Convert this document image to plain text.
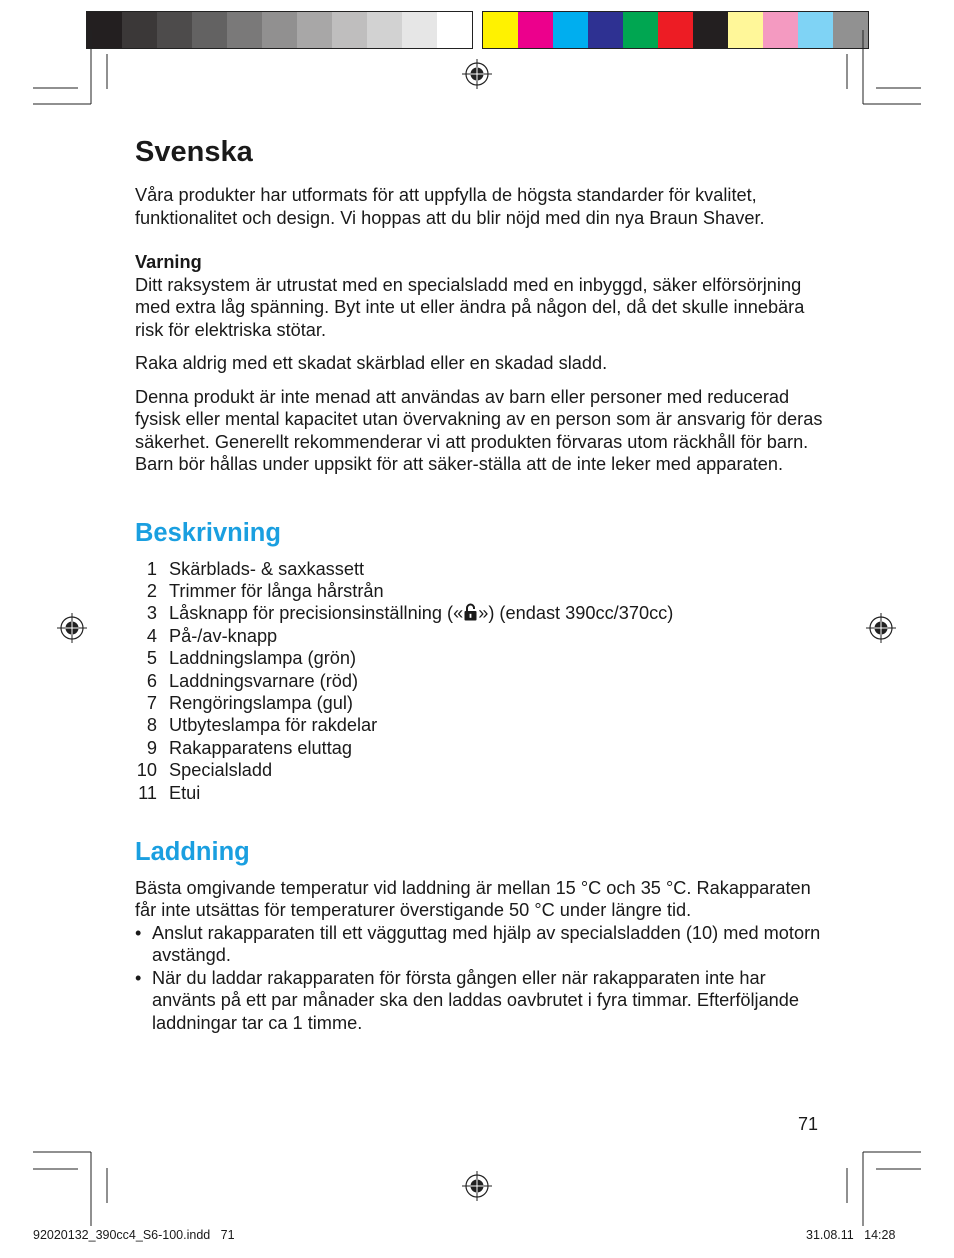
Svenska

Våra produkter har utformats för att uppfylla de högsta standarder för kvalitet, funktionalitet och design. Vi hoppas att du blir nöjd med din nya Braun Shaver.

Varning

Ditt raksystem är utrustat med en specialsladd med en inbyggd, säker elförsörjning med extra låg spänning. Byt inte ut eller ändra på någon del, då det skulle innebära risk för elektriska stötar.

Raka aldrig med ett skadat skärblad eller en skadad sladd.

Denna produkt är inte menad att användas av barn eller personer med reducerad fysisk eller mental kapacitet utan övervakning av en person som är ansvarig för deras säkerhet. Generellt rekommenderar vi att produkten förvaras utom räckhåll för barn. Barn bör hållas under uppsikt för att säker-ställa att de inte leker med apparaten.

Beskrivning
1 Skärblads- & saxkassett
2 Trimmer för långa hårstrån
3 Låsknapp för precisionsinställning (« ») (endast 390cc/370cc)
4 På-/av-knapp
5 Laddningslampa (grön)
6 Laddningsvarnare (röd)
7 Rengöringslampa (gul)
8 Utbyteslampa för rakdelar
9 Rakapparatens eluttag
10 Specialsladd
11 Etui
Laddning

Bästa omgivande temperatur vid laddning är mellan 15 °C och 35 °C. Rakapparaten får inte utsättas för temperaturer överstigande 50 °C under längre tid.

• Anslut rakapparaten till ett vägguttag med hjälp av specialsladden (10) med motorn avstängd.
• När du laddar rakapparaten för första gången eller när rakapparaten inte har använts på ett par månader ska den laddas oavbrutet i fyra timmar. Efterföljande laddningar tar ca 1 timme.
71
92020132_390cc4_S6-100.indd   71	31.08.11   14:28
